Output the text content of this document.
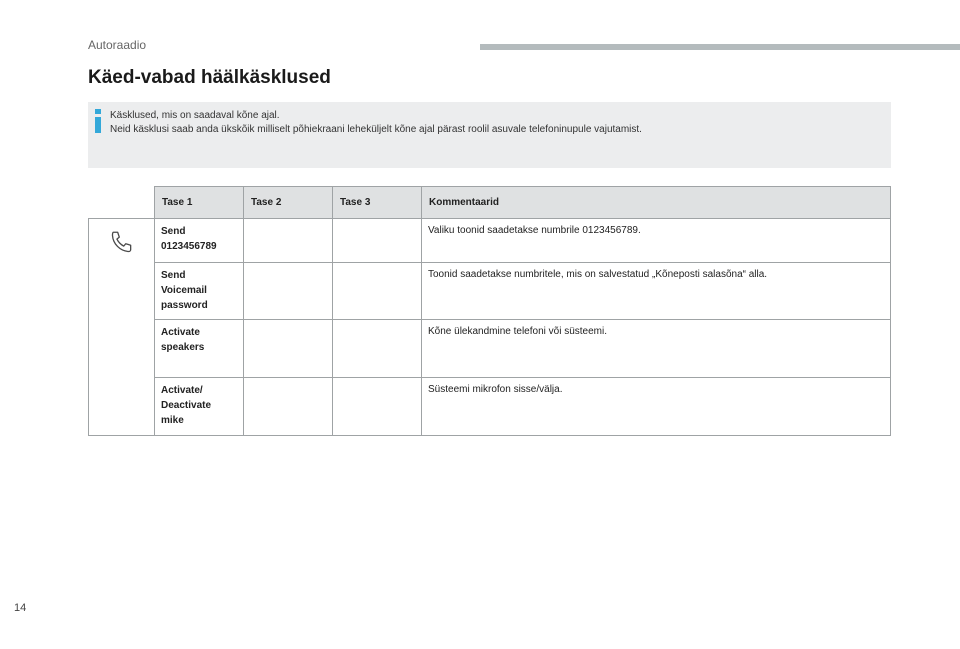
Autoraadio
Käed-vabad häälkäsklused
Käsklused, mis on saadaval kõne ajal.
Neid käsklusi saab anda ükskõik milliselt põhiekraani leheküljelt kõne ajal pärast roolil asuvale telefoninupule vajutamist.
	Tase 1	Tase 2	Tase 3	Kommentaarid

	Send
0123456789			Valiku toonid saadetakse numbrile 0123456789.
	Send
Voicemail
password			Toonid saadetakse numbritele, mis on salvestatud „Kõneposti salasõna“ alla.
	Activate
speakers			Kõne ülekandmine telefoni või süsteemi.
	Activate/
Deactivate
mike			Süsteemi mikrofon sisse/välja.
14
